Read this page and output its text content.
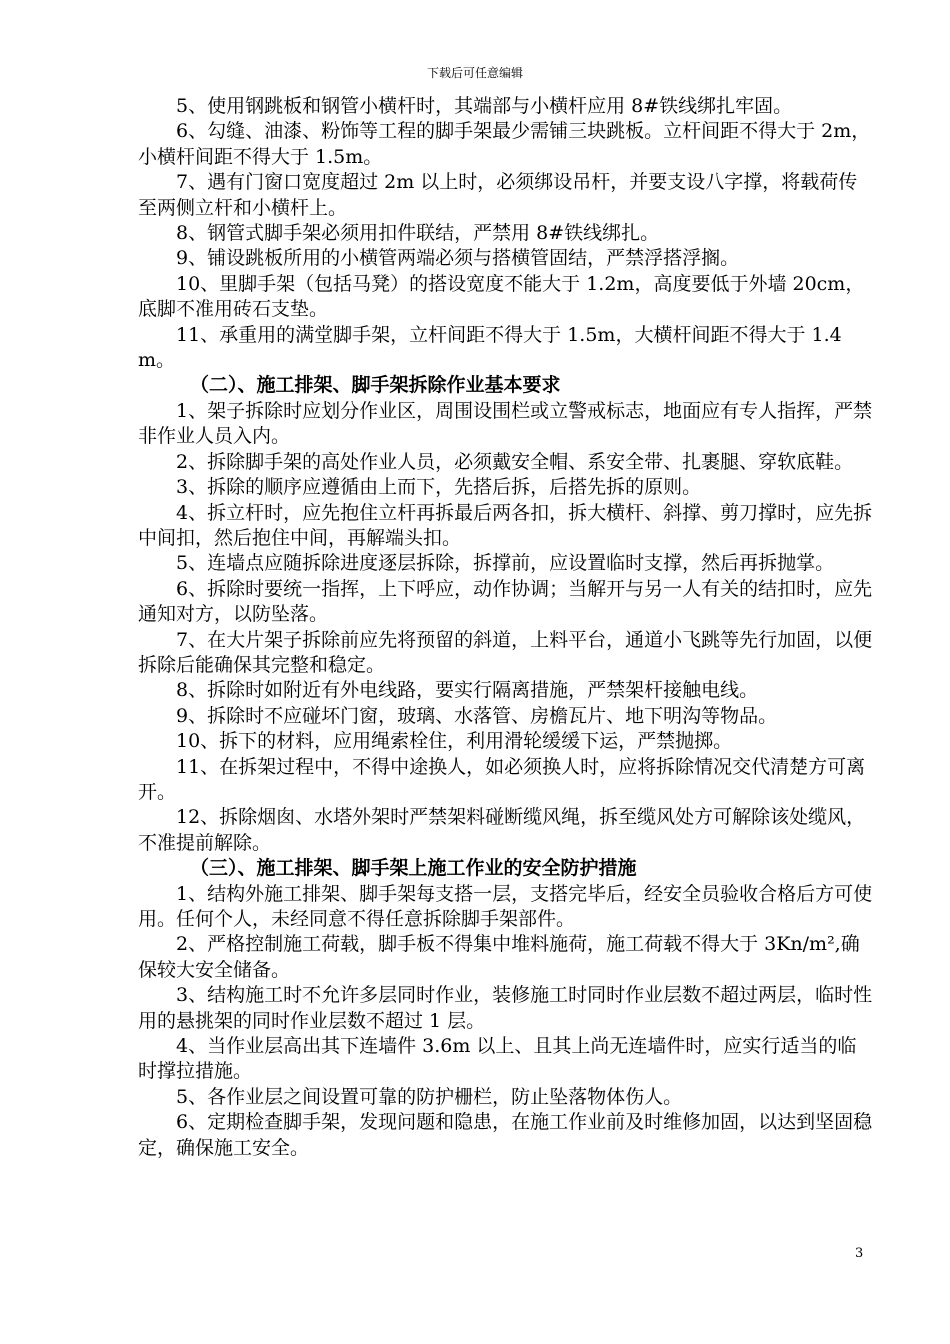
下载后可任意编辑

5、使用钢跳板和钢管小横杆时，其端部与小横杆应用 8#铁线绑扎牢固。

6、勾缝、油漆、粉饰等工程的脚手架最少需铺三块跳板。立杆间距不得大于 2m，小横杆间距不得大于 1.5m。

7、遇有门窗口宽度超过 2m 以上时，必须绑设吊杆，并要支设八字撑，将载荷传至两侧立杆和小横杆上。

8、钢管式脚手架必须用扣件联结，严禁用 8#铁线绑扎。

9、铺设跳板所用的小横管两端必须与搭横管固结，严禁浮搭浮搁。

10、里脚手架（包括马凳）的搭设宽度不能大于 1.2m，高度要低于外墙 20cm，底脚不准用砖石支垫。

11、承重用的满堂脚手架，立杆间距不得大于 1.5m，大横杆间距不得大于 1.4m。

（二）、施工排架、脚手架拆除作业基本要求

1、架子拆除时应划分作业区，周围设围栏或立警戒标志，地面应有专人指挥，严禁非作业人员入内。

2、拆除脚手架的高处作业人员，必须戴安全帽、系安全带、扎裹腿、穿软底鞋。

3、拆除的顺序应遵循由上而下，先搭后拆，后搭先拆的原则。

4、拆立杆时，应先抱住立杆再拆最后两各扣，拆大横杆、斜撑、剪刀撑时，应先拆中间扣，然后抱住中间，再解端头扣。

5、连墙点应随拆除进度逐层拆除，拆撑前，应设置临时支撑，然后再拆抛掌。

6、拆除时要统一指挥，上下呼应，动作协调；当解开与另一人有关的结扣时，应先通知对方，以防坠落。

7、在大片架子拆除前应先将预留的斜道，上料平台，通道小飞跳等先行加固，以便拆除后能确保其完整和稳定。

8、拆除时如附近有外电线路，要实行隔离措施，严禁架杆接触电线。

9、拆除时不应碰坏门窗，玻璃、水落管、房檐瓦片、地下明沟等物品。

10、拆下的材料，应用绳索栓住，利用滑轮缓缓下运，严禁抛掷。

11、在拆架过程中，不得中途换人，如必须换人时，应将拆除情况交代清楚方可离开。

12、拆除烟囱、水塔外架时严禁架料碰断缆风绳，拆至缆风处方可解除该处缆风，不准提前解除。

（三）、施工排架、脚手架上施工作业的安全防护措施

1、结构外施工排架、脚手架每支搭一层，支搭完毕后，经安全员验收合格后方可使用。任何个人，未经同意不得任意拆除脚手架部件。

2、严格控制施工荷载，脚手板不得集中堆料施荷，施工荷载不得大于 3Kn/m²,确保较大安全储备。

3、结构施工时不允许多层同时作业，装修施工时同时作业层数不超过两层，临时性用的悬挑架的同时作业层数不超过 1 层。

4、当作业层高出其下连墙件 3.6m 以上、且其上尚无连墙件时，应实行适当的临时撑拉措施。

5、各作业层之间设置可靠的防护栅栏，防止坠落物体伤人。

6、定期检查脚手架，发现问题和隐患，在施工作业前及时维修加固，以达到坚固稳定，确保施工安全。

3
